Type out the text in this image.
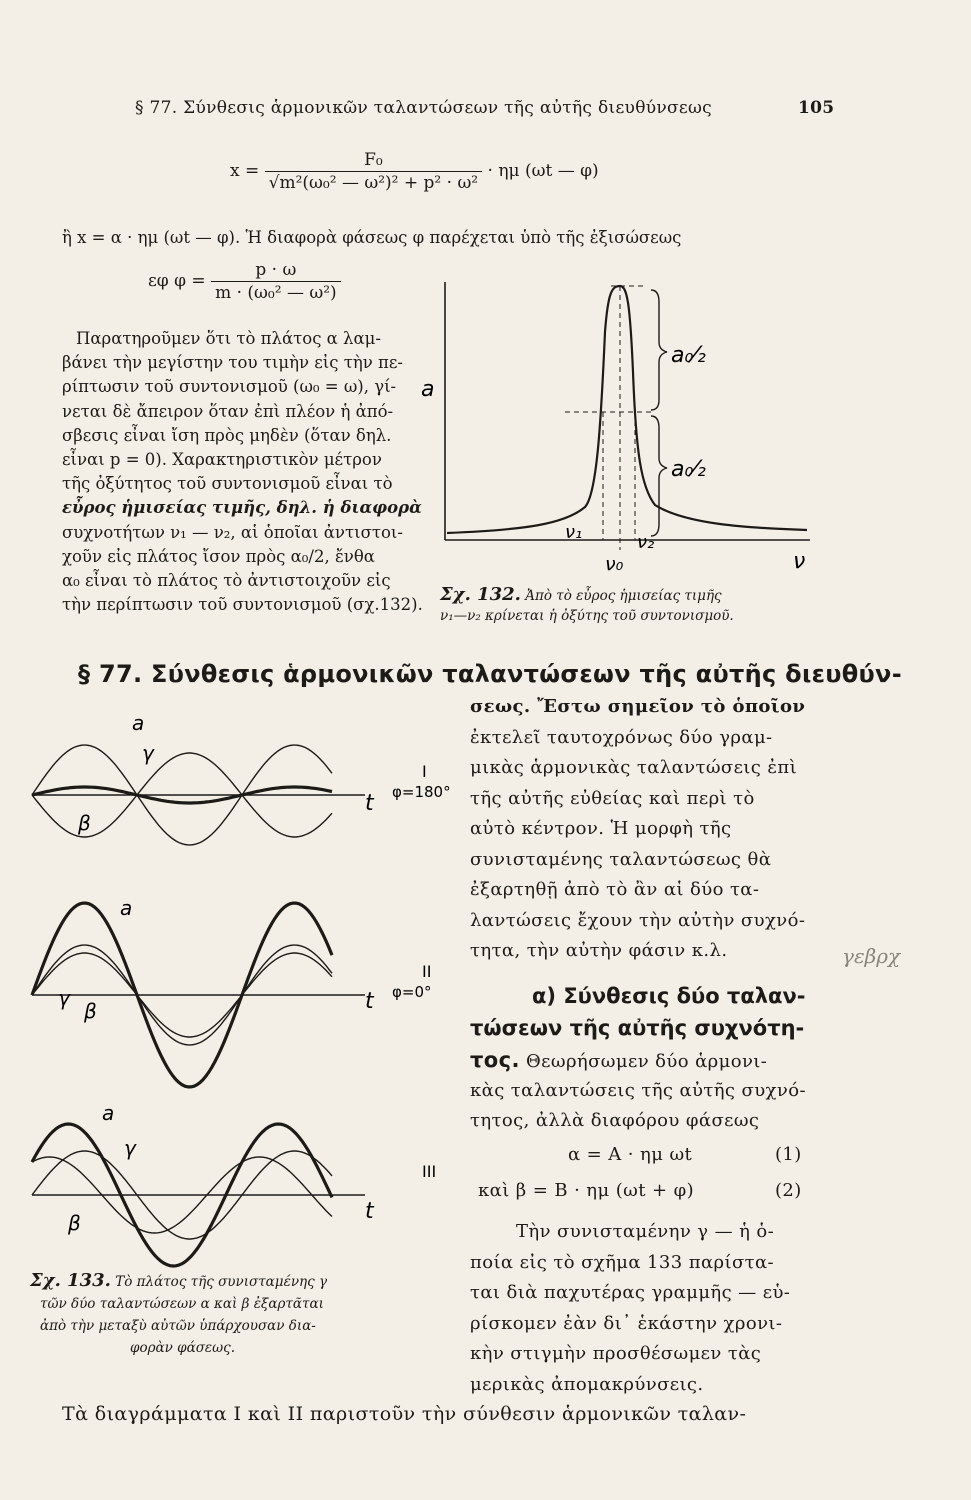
§ 77. Σύνθεσις ἁρμονικῶν ταλαντώσεων τῆς αὐτῆς διευθύνσεως	105
$x = \frac{\text{F₀}}{\text{√m²(ω₀² — ω²)² + p² · ω²}} \cdot \eta\mu$ (ωt — φ)
ἢ x = α · ημ (ωt — φ). Ἡ διαφορὰ φάσεως φ παρέχεται ὑπὸ τῆς ἐξισώσεως
εφ $\varphi = \frac{p \cdot \omega}{\text{m · (ω₀² — ω²)}}$
Παρατηροῦμεν ὅτι τὸ πλάτος α λαμ-
βάνει τὴν μεγίστην του τιμὴν εἰς τὴν πε-
ρίπτωσιν τοῦ συντονισμοῦ (ω₀ = ω), γί-
νεται δὲ ἄπειρον ὅταν ἐπὶ πλέον ἡ ἀπό-
σβεσις εἶναι ἴση πρὸς μηδὲν (ὅταν δηλ.
εἶναι p = 0). Χαρακτηριστικὸν μέτρον
τῆς ὀξύτητος τοῦ συντονισμοῦ εἶναι τὸ
εὖρος ἡμισείας τιμῆς, δηλ. ἡ διαφορὰ
συχνοτήτων ν₁ — ν₂, αἱ ὁποῖαι ἀντιστοι-
χοῦν εἰς πλάτος ἴσον πρὸς α₀/2, ἔνθα
α₀ εἶναι τὸ πλάτος τὸ ἀντιστοιχοῦν εἰς
τὴν περίπτωσιν τοῦ συντονισμοῦ (σχ.132).
a
a₀⁄₂
a₀⁄₂
ν₁	ν₂
ν₀	ν
Σχ. 132. Ἀπὸ τὸ εὖρος ἡμισείας τιμῆς
ν₁—ν₂ κρίνεται ἡ ὀξύτης τοῦ συντονισμοῦ.
§ 77. Σύνθεσις ἁρμονικῶν ταλαντώσεων τῆς αὐτῆς διευθύν-
σεως. Ἔστω σημεῖον τὸ ὁποῖον
ἐκτελεῖ ταυτοχρόνως δύο γραμ-
μικὰς ἁρμονικὰς ταλαντώσεις ἐπὶ
τῆς αὐτῆς εὐθείας καὶ περὶ τὸ
αὐτὸ κέντρον. Ἡ μορφὴ τῆς
συνισταμένης ταλαντώσεως θὰ
ἐξαρτηθῇ ἀπὸ τὸ ἂν αἱ δύο τα-
λαντώσεις ἔχουν τὴν αὐτὴν συχνό-
τητα, τὴν αὐτὴν φάσιν κ.λ.
α) Σύνθεσις δύο ταλαν-
τώσεων τῆς αὐτῆς συχνότη-
τος. Θεωρήσωμεν δύο ἁρμονι-
κὰς ταλαντώσεις τῆς αὐτῆς συχνό-
τητος, ἀλλὰ διαφόρου φάσεως
α = A · ημ ωt	(1)
καὶ β = B · ημ (ωt + φ)	(2)
Τὴν συνισταμένην γ — ἡ ὁ-
ποία εἰς τὸ σχῆμα 133 παρίστα-
ται διὰ παχυτέρας γραμμῆς — εὑ-
ρίσκομεν ἐὰν δι᾽ ἑκάστην χρονι-
κὴν στιγμὴν προσθέσωμεν τὰς
μερικὰς ἀπομακρύνσεις.
a
γ
β
t
I
φ=180°
a
γ
β	t
II
φ=0°
a
γ
β	t
III
Σχ. 133. Τὸ πλάτος τῆς συνισταμένης γ
τῶν δύο ταλαντώσεων α καὶ β ἐξαρτᾶται
ἀπὸ τὴν μεταξὺ αὐτῶν ὑπάρχουσαν δια-
φορὰν φάσεως.
Τὰ διαγράμματα I καὶ II παριστοῦν τὴν σύνθεσιν ἁρμονικῶν ταλαν-
γεβρχ
